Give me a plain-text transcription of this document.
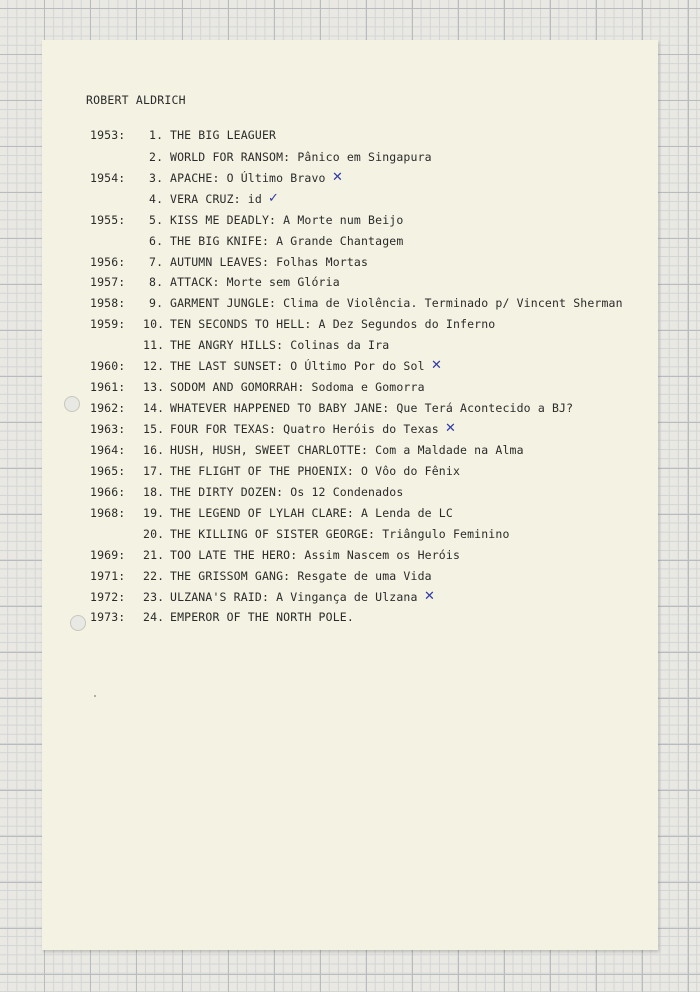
ROBERT ALDRICH
1953: 1. THE BIG LEAGUER
2. WORLD FOR RANSOM: Pânico em Singapura
1954: 3. APACHE: O Último Bravo ✕
4. VERA CRUZ: id ✓
1955: 5. KISS ME DEADLY: A Morte num Beijo
6. THE BIG KNIFE: A Grande Chantagem
1956: 7. AUTUMN LEAVES: Folhas Mortas
1957: 8. ATTACK: Morte sem Glória
1958: 9. GARMENT JUNGLE: Clima de Violência. Terminado p/ Vincent Sherman
1959: 10. TEN SECONDS TO HELL: A Dez Segundos do Inferno
11. THE ANGRY HILLS: Colinas da Ira
1960: 12. THE LAST SUNSET: O Último Por do Sol ✕
1961: 13. SODOM AND GOMORRAH: Sodoma e Gomorra
1962: 14. WHATEVER HAPPENED TO BABY JANE: Que Terá Acontecido a BJ?
1963: 15. FOUR FOR TEXAS: Quatro Heróis do Texas ✕
1964: 16. HUSH, HUSH, SWEET CHARLOTTE: Com a Maldade na Alma
1965: 17. THE FLIGHT OF THE PHOENIX: O Vôo do Fênix
1966: 18. THE DIRTY DOZEN: Os 12 Condenados
1968: 19. THE LEGEND OF LYLAH CLARE: A Lenda de LC
20. THE KILLING OF SISTER GEORGE: Triângulo Feminino
1969: 21. TOO LATE THE HERO: Assim Nascem os Heróis
1971: 22. THE GRISSOM GANG: Resgate de uma Vida
1972: 23. ULZANA'S RAID: A Vingança de Ulzana ✕
1973: 24. EMPEROR OF THE NORTH POLE.
